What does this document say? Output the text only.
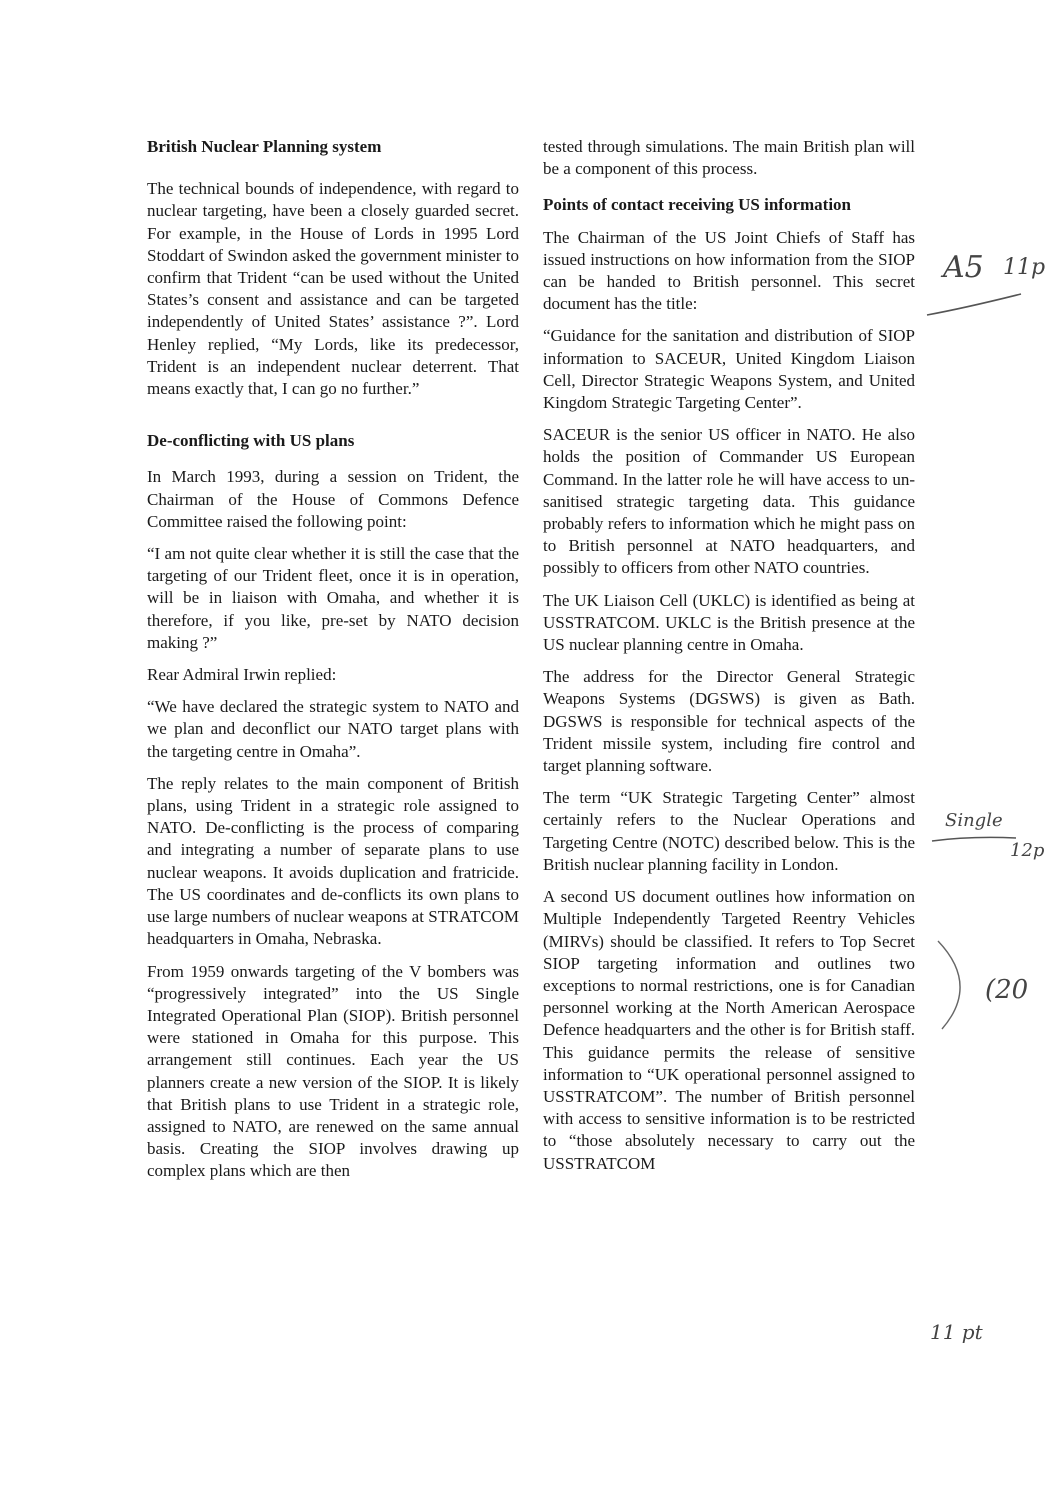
British Nuclear Planning system

The technical bounds of independence, with regard to nuclear targeting, have been a closely guarded secret. For example, in the House of Lords in 1995 Lord Stoddart of Swindon asked the government minister to confirm that Trident “can be used without the United States’s consent and assistance and can be targeted independently of United States’ assistance ?”. Lord Henley replied, “My Lords, like its predecessor, Trident is an independent nuclear deterrent. That means exactly that, I can go no further.”

De-conflicting with US plans

In March 1993, during a session on Trident, the Chairman of the House of Commons Defence Committee raised the following point:

“I am not quite clear whether it is still the case that the targeting of our Trident fleet, once it is in operation, will be in liaison with Omaha, and whether it is therefore, if you like, pre-set by NATO decision making ?”

Rear Admiral Irwin replied:

“We have declared the strategic system to NATO and we plan and deconflict our NATO target plans with the targeting centre in Omaha”.

The reply relates to the main component of British plans, using Trident in a strategic role assigned to NATO. De-conflicting is the process of comparing and integrating a number of separate plans to use nuclear weapons. It avoids duplication and fratricide. The US coordinates and de-conflicts its own plans to use large numbers of nuclear weapons at STRATCOM headquarters in Omaha, Nebraska.

From 1959 onwards targeting of the V bombers was “progressively integrated” into the US Single Integrated Operational Plan (SIOP). British personnel were stationed in Omaha for this purpose. This arrangement still continues. Each year the US planners create a new version of the SIOP. It is likely that British plans to use Trident in a strategic role, assigned to NATO, are renewed on the same annual basis. Creating the SIOP involves drawing up complex plans which are then

tested through simulations. The main British plan will be a component of this process.

Points of contact receiving US information

The Chairman of the US Joint Chiefs of Staff has issued instructions on how information from the SIOP can be handed to British personnel. This secret document has the title:

“Guidance for the sanitation and distribution of SIOP information to SACEUR, United Kingdom Liaison Cell, Director Strategic Weapons System, and United Kingdom Strategic Targeting Center”.

SACEUR is the senior US officer in NATO. He also holds the position of Commander US European Command. In the latter role he will have access to un-sanitised strategic targeting data. This guidance probably refers to information which he might pass on to British personnel at NATO headquarters, and possibly to officers from other NATO countries.

The UK Liaison Cell (UKLC) is identified as being at USSTRATCOM. UKLC is the British presence at the US nuclear planning centre in Omaha.

The address for the Director General Strategic Weapons Systems (DGSWS) is given as Bath. DGSWS is responsible for technical aspects of the Trident missile system, including fire control and target planning software.

The term “UK Strategic Targeting Center” almost certainly refers to the Nuclear Operations and Targeting Centre (NOTC) described below. This is the British nuclear planning facility in London.

A second US document outlines how information on Multiple Independently Targeted Reentry Vehicles (MIRVs) should be classified. It refers to Top Secret SIOP targeting information and outlines two exceptions to normal restrictions, one is for Canadian personnel working at the North American Aerospace Defence headquarters and the other is for British staff. This guidance permits the release of sensitive information to “UK operational personnel assigned to USSTRATCOM”. The number of British personnel with access to sensitive information is to be restricted to “those absolutely necessary to carry out the USSTRATCOM

A5 11p
Single
12p
(20
11 pt
